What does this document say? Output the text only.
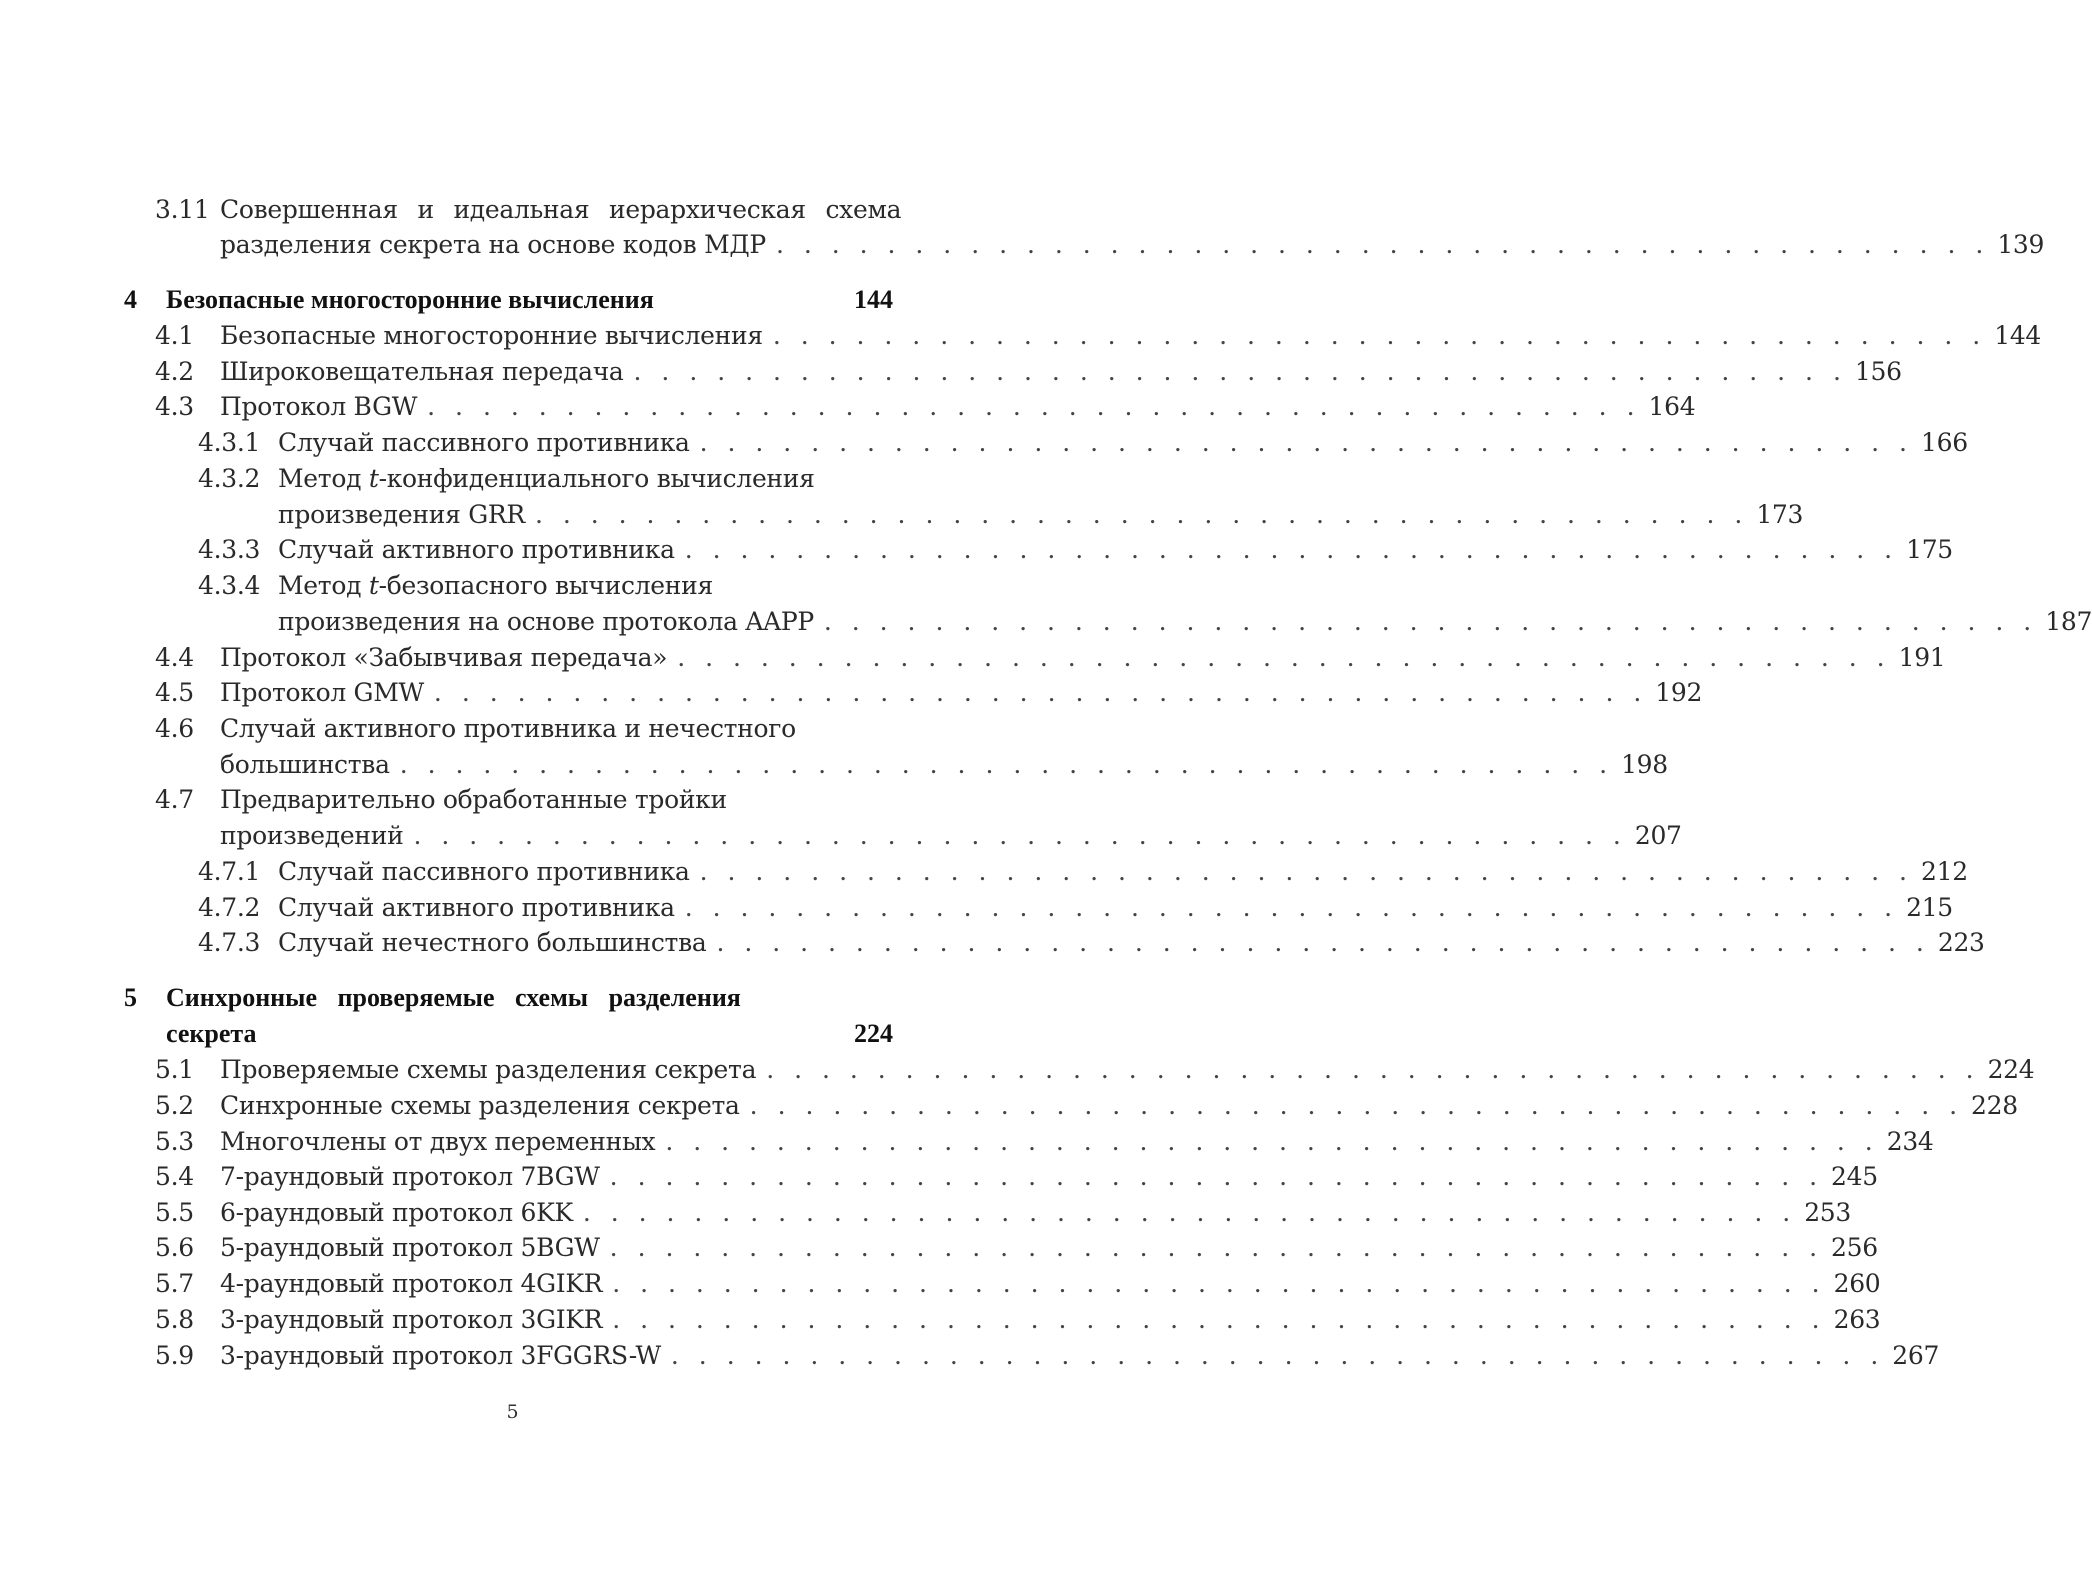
3.11 Совершенная и идеальная иерархическая схема
разделения секрета на основе кодов МДР . . . . . . . . . . . . . . . . . . . . . . . . . . . . . . . . . . . . . . . . . . . . 139
4 Безопасные многосторонние вычисления	144
4.1 Безопасные многосторонние вычисления . . . . . . . . . . . . . . . . . . . . . . . . . . . . . . . . . . . . . . . . . . . . 144
4.2 Широковещательная передача . . . . . . . . . . . . . . . . . . . . . . . . . . . . . . . . . . . . . . . . . . . . 156
4.3 Протокол BGW . . . . . . . . . . . . . . . . . . . . . . . . . . . . . . . . . . . . . . . . . . . . 164
4.3.1 Случай пассивного противника . . . . . . . . . . . . . . . . . . . . . . . . . . . . . . . . . . . . . . . . . . . . 166
4.3.2 Метод t-конфиденциального вычисления
произведения GRR . . . . . . . . . . . . . . . . . . . . . . . . . . . . . . . . . . . . . . . . . . . . 173
4.3.3 Случай активного противника . . . . . . . . . . . . . . . . . . . . . . . . . . . . . . . . . . . . . . . . . . . . 175
4.3.4 Метод t-безопасного вычисления
произведения на основе протокола AAPP . . . . . . . . . . . . . . . . . . . . . . . . . . . . . . . . . . . . . . . . . . . . 187
4.4 Протокол «Забывчивая передача» . . . . . . . . . . . . . . . . . . . . . . . . . . . . . . . . . . . . . . . . . . . . 191
4.5 Протокол GMW . . . . . . . . . . . . . . . . . . . . . . . . . . . . . . . . . . . . . . . . . . . . 192
4.6 Случай активного противника и нечестного
большинства . . . . . . . . . . . . . . . . . . . . . . . . . . . . . . . . . . . . . . . . . . . . 198
4.7 Предварительно обработанные тройки
произведений . . . . . . . . . . . . . . . . . . . . . . . . . . . . . . . . . . . . . . . . . . . . 207
4.7.1 Случай пассивного противника . . . . . . . . . . . . . . . . . . . . . . . . . . . . . . . . . . . . . . . . . . . . 212
4.7.2 Случай активного противника . . . . . . . . . . . . . . . . . . . . . . . . . . . . . . . . . . . . . . . . . . . . 215
4.7.3 Случай нечестного большинства . . . . . . . . . . . . . . . . . . . . . . . . . . . . . . . . . . . . . . . . . . . . 223
5 Синхронные проверяемые схемы разделения
секрета	224
5.1 Проверяемые схемы разделения секрета . . . . . . . . . . . . . . . . . . . . . . . . . . . . . . . . . . . . . . . . . . . . 224
5.2 Синхронные схемы разделения секрета . . . . . . . . . . . . . . . . . . . . . . . . . . . . . . . . . . . . . . . . . . . . 228
5.3 Многочлены от двух переменных . . . . . . . . . . . . . . . . . . . . . . . . . . . . . . . . . . . . . . . . . . . . 234
5.4 7-раундовый протокол 7BGW . . . . . . . . . . . . . . . . . . . . . . . . . . . . . . . . . . . . . . . . . . . . 245
5.5 6-раундовый протокол 6KK . . . . . . . . . . . . . . . . . . . . . . . . . . . . . . . . . . . . . . . . . . . . 253
5.6 5-раундовый протокол 5BGW . . . . . . . . . . . . . . . . . . . . . . . . . . . . . . . . . . . . . . . . . . . . 256
5.7 4-раундовый протокол 4GIKR . . . . . . . . . . . . . . . . . . . . . . . . . . . . . . . . . . . . . . . . . . . . 260
5.8 3-раундовый протокол 3GIKR . . . . . . . . . . . . . . . . . . . . . . . . . . . . . . . . . . . . . . . . . . . . 263
5.9 3-раундовый протокол 3FGGRS-W . . . . . . . . . . . . . . . . . . . . . . . . . . . . . . . . . . . . . . . . . . . . 267
5
